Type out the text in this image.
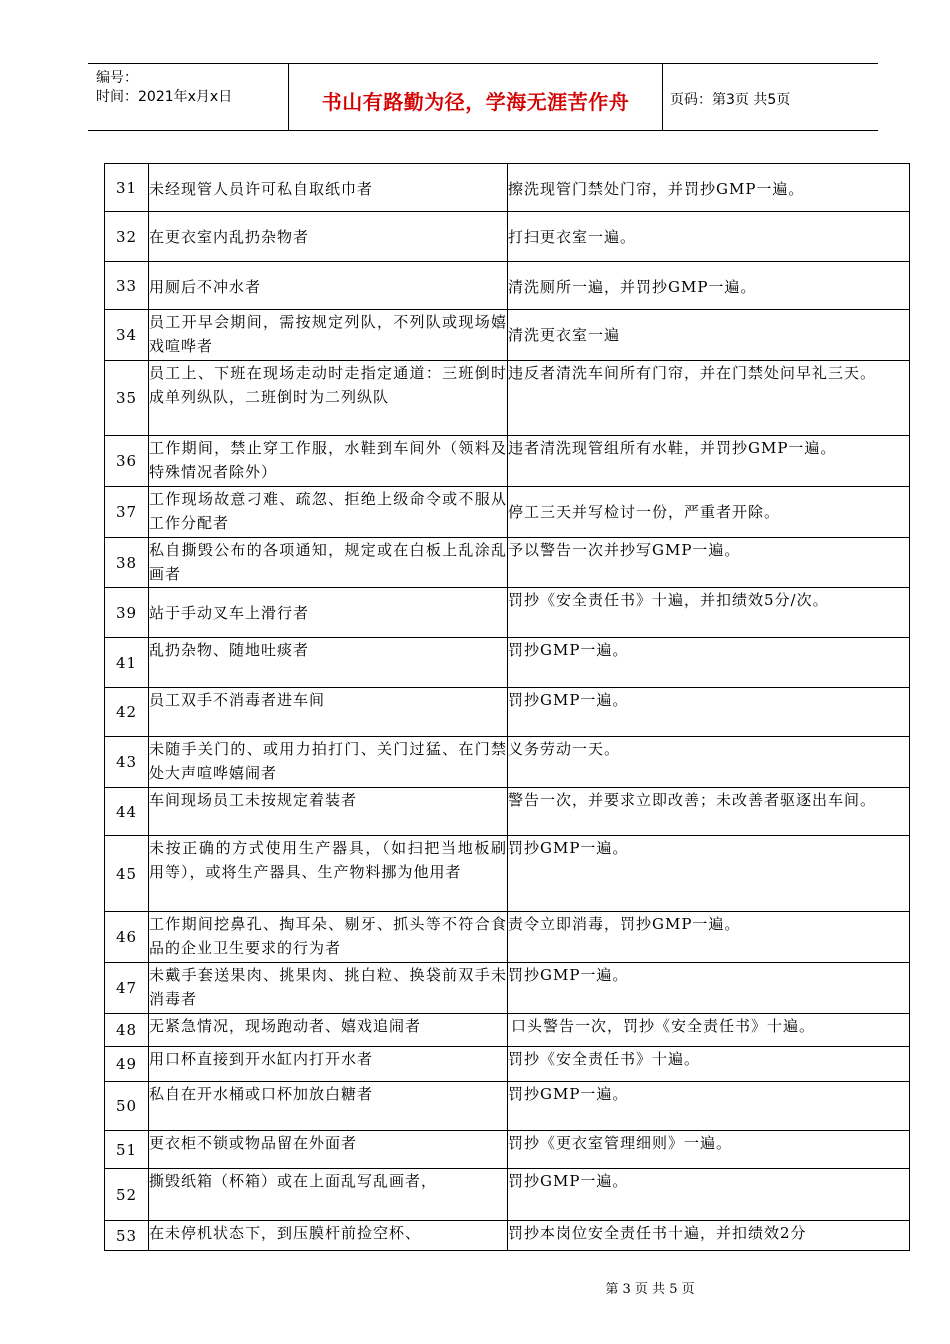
编号：
时间：2021年x月x日	书山有路勤为径，学海无涯苦作舟	页码：第3页 共5页
31	未经现管人员许可私自取纸巾者	擦洗现管门禁处门帘，并罚抄GMP一遍。

32	在更衣室内乱扔杂物者	打扫更衣室一遍。

33	用厕后不冲水者	清洗厕所一遍，并罚抄GMP一遍。

34	员工开早会期间，需按规定列队，不列队或现场嬉戏喧哗者	清洗更衣室一遍

35	员工上、下班在现场走动时走指定通道：三班倒时成单列纵队，二班倒时为二列纵队	违反者清洗车间所有门帘，并在门禁处问早礼三天。

36	工作期间，禁止穿工作服，水鞋到车间外（领料及特殊情况者除外）	违者清洗现管组所有水鞋，并罚抄GMP一遍。

37	工作现场故意刁难、疏忽、拒绝上级命令或不服从工作分配者	停工三天并写检讨一份，严重者开除。

38	私自撕毁公布的各项通知，规定或在白板上乱涂乱画者	予以警告一次并抄写GMP一遍。

39	站于手动叉车上滑行者	罚抄《安全责任书》十遍，并扣绩效5分/次。

41	乱扔杂物、随地吐痰者	罚抄GMP一遍。

42	员工双手不消毒者进车间	罚抄GMP一遍。

43	未随手关门的、或用力拍打门、关门过猛、在门禁处大声喧哗嬉闹者	义务劳动一天。

44	车间现场员工未按规定着装者	警告一次，并要求立即改善；未改善者驱逐出车间。

45	未按正确的方式使用生产器具，（如扫把当地板刷用等），或将生产器具、生产物料挪为他用者	罚抄GMP一遍。

46	工作期间挖鼻孔、掏耳朵、剔牙、抓头等不符合食品的企业卫生要求的行为者	责令立即消毒，罚抄GMP一遍。

47	未戴手套送果肉、挑果肉、挑白粒、换袋前双手未消毒者	罚抄GMP一遍。

48	无紧急情况，现场跑动者、嬉戏追闹者	口头警告一次，罚抄《安全责任书》十遍。

49	用口杯直接到开水缸内打开水者	罚抄《安全责任书》十遍。

50	私自在开水桶或口杯加放白糖者	罚抄GMP一遍。

51	更衣柜不锁或物品留在外面者	罚抄《更衣室管理细则》一遍。

52	撕毁纸箱（杯箱）或在上面乱写乱画者，	罚抄GMP一遍。

53	在未停机状态下，到压膜杆前捡空杯、	罚抄本岗位安全责任书十遍，并扣绩效2分
第 3 页 共 5 页
